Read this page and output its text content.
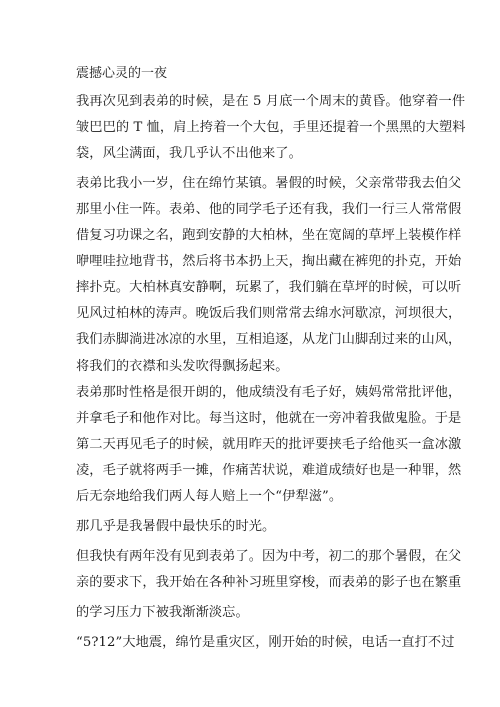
震撼心灵的一夜
我再次见到表弟的时候，是在 5 月底一个周末的黄昏。他穿着一件
皱巴巴的 T 恤，肩上挎着一个大包，手里还提着一个黑黑的大塑料
袋，风尘满面，我几乎认不出他来了。
表弟比我小一岁，住在绵竹某镇。暑假的时候，父亲常带我去伯父
那里小住一阵。表弟、他的同学毛子还有我，我们一行三人常常假
借复习功课之名，跑到安静的大柏林，坐在宽阔的草坪上装模作样
咿哩哇拉地背书，然后将书本扔上天，掏出藏在裤兜的扑克，开始
摔扑克。大柏林真安静啊，玩累了，我们躺在草坪的时候，可以听
见风过柏林的涛声。晚饭后我们则常常去绵水河歇凉，河坝很大，
我们赤脚淌进冰凉的水里，互相追逐，从龙门山脚刮过来的山风，
将我们的衣襟和头发吹得飘扬起来。
表弟那时性格是很开朗的，他成绩没有毛子好，姨妈常常批评他，
并拿毛子和他作对比。每当这时，他就在一旁冲着我做鬼脸。于是
第二天再见毛子的时候，就用昨天的批评要挟毛子给他买一盒冰激
凌，毛子就将两手一摊，作痛苦状说，难道成绩好也是一种罪，然
后无奈地给我们两人每人赔上一个“伊犁滋”。
那几乎是我暑假中最快乐的时光。
但我快有两年没有见到表弟了。因为中考，初二的那个暑假，在父
亲的要求下，我开始在各种补习班里穿梭，而表弟的影子也在繁重
的学习压力下被我渐渐淡忘。
“5?12”大地震，绵竹是重灾区，刚开始的时候，电话一直打不过
